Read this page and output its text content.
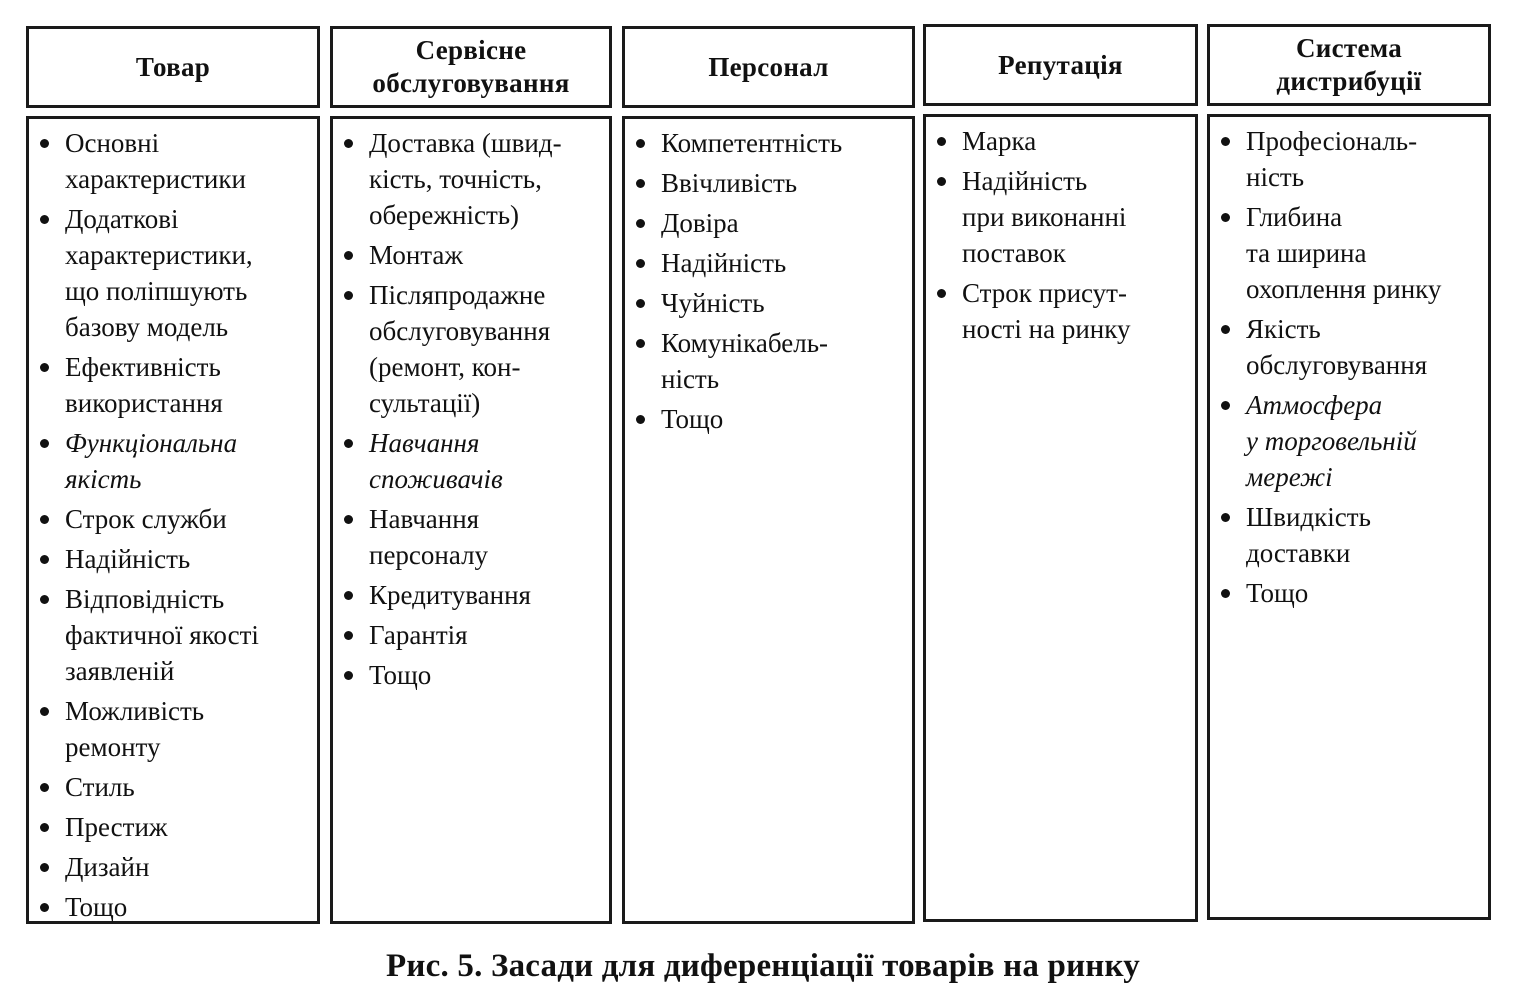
Товар
Основні
характеристики
Додаткові
характеристики,
що поліпшують
базову модель
Ефективність
використання
Функціональна
якість
Строк служби
Надійність
Відповідність
фактичної якості
заявленій
Можливість
ремонту
Стиль
Престиж
Дизайн
Тощо
Сервісне
обслуговування
Доставка (швид-
кість, точність,
обережність)
Монтаж
Післяпродажне
обслуговування
(ремонт, кон-
сультації)
Навчання
споживачів
Навчання
персоналу
Кредитування
Гарантія
Тощо
Персонал
Компетентність
Ввічливість
Довіра
Надійність
Чуйність
Комунікабель-
ність
Тощо
Репутація
Марка
Надійність
при виконанні
поставок
Строк присут-
ності на ринку
Система
дистрибуції
Професіональ-
ність
Глибина
та ширина
охоплення ринку
Якість
обслуговування
Атмосфера
у торговельній
мережі
Швидкість
доставки
Тощо
Рис. 5. Засади для диференціації товарів на ринку
